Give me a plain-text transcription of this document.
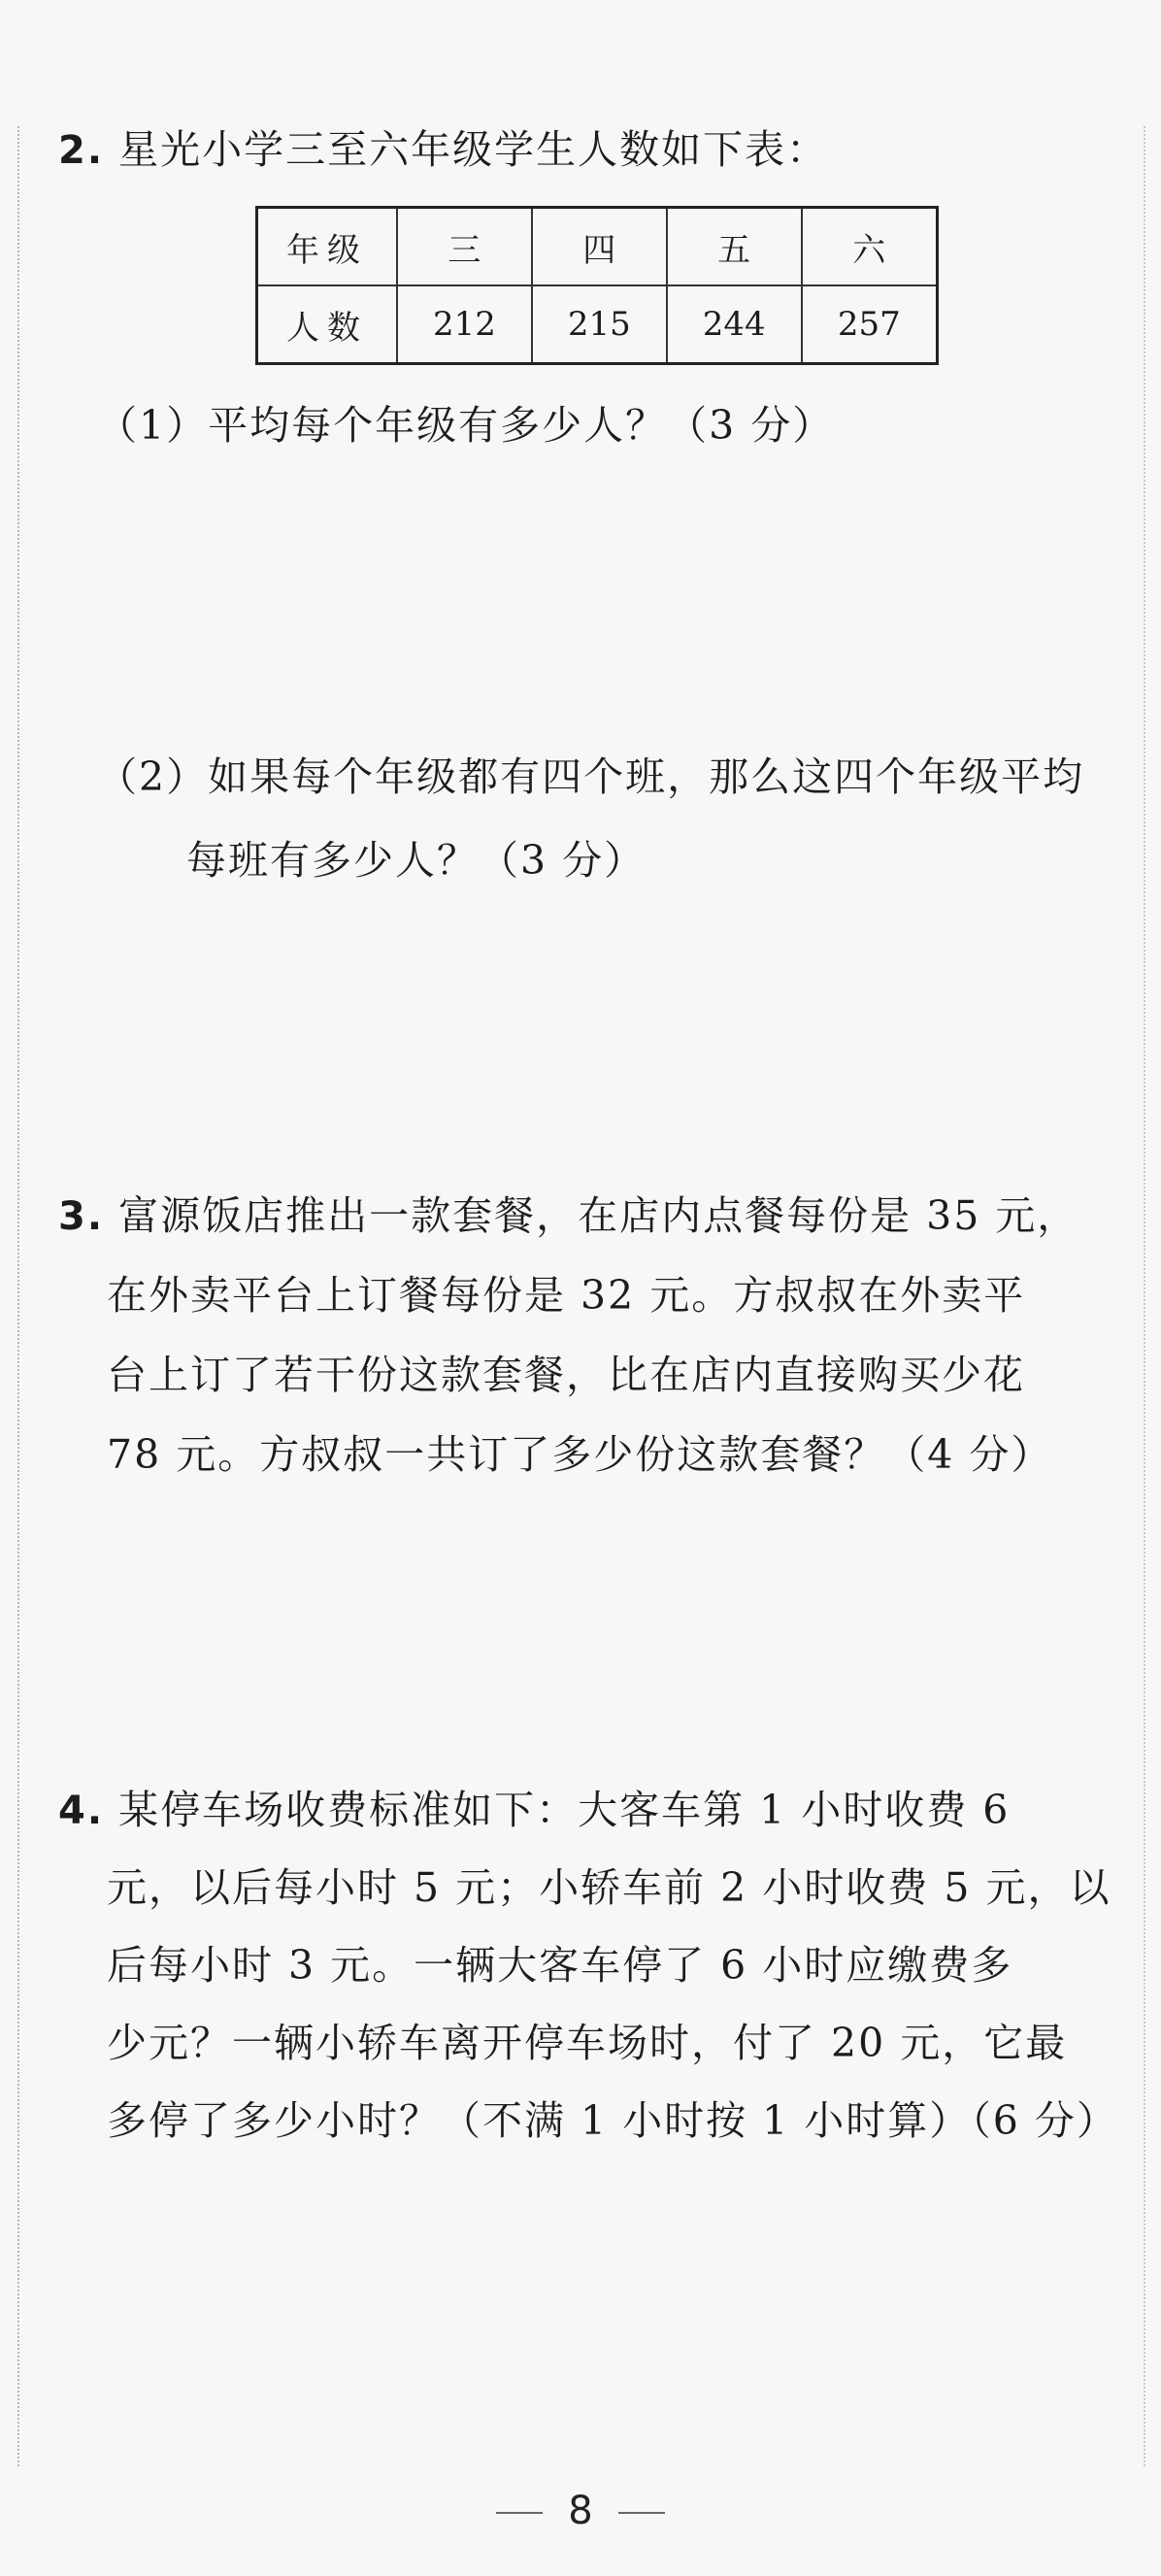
2. 星光小学三至六年级学生人数如下表：
年级	三	四	五	六
人数	212	215	244	257
（1）平均每个年级有多少人？（3 分）
（2）如果每个年级都有四个班，那么这四个年级平均
每班有多少人？（3 分）
3. 富源饭店推出一款套餐，在店内点餐每份是 35 元，
在外卖平台上订餐每份是 32 元。方叔叔在外卖平
台上订了若干份这款套餐，比在店内直接购买少花
78 元。方叔叔一共订了多少份这款套餐？（4 分）
4. 某停车场收费标准如下：大客车第 1 小时收费 6
元，以后每小时 5 元；小轿车前 2 小时收费 5 元，以
后每小时 3 元。一辆大客车停了 6 小时应缴费多
少元？一辆小轿车离开停车场时，付了 20 元，它最
多停了多少小时？（不满 1 小时按 1 小时算）（6 分）
8
